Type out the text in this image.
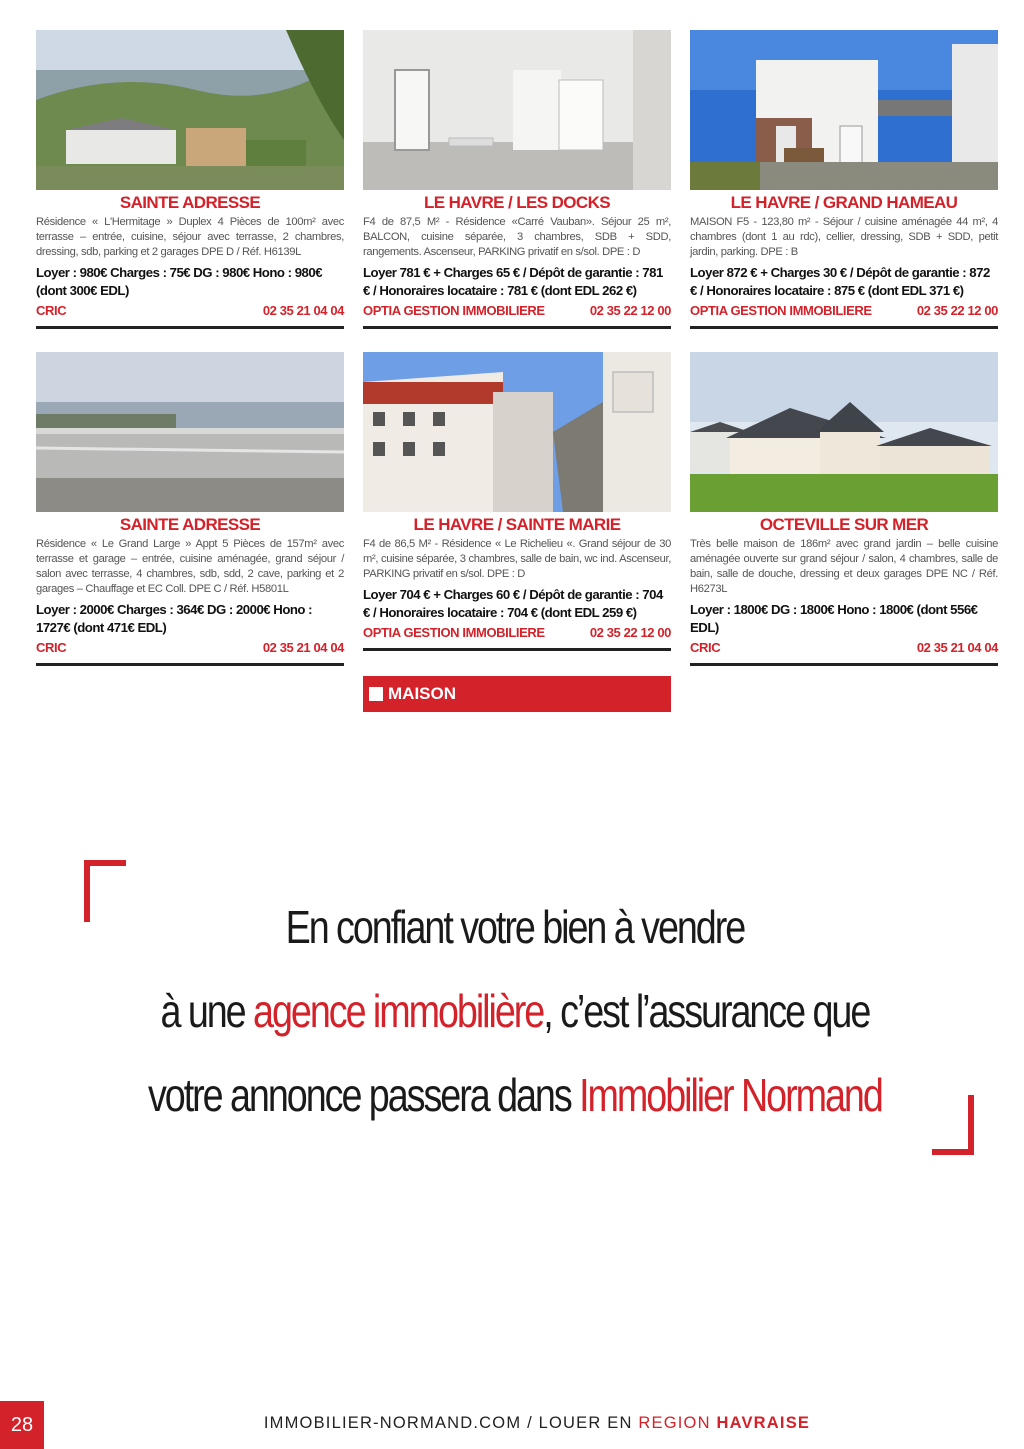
SAINTE ADRESSE
Résidence « L'Hermitage » Duplex 4 Pièces de 100m² avec terrasse – entrée, cuisine, séjour avec terrasse, 2 chambres, dressing, sdb, parking et 2 garages DPE D / Réf. H6139L
Loyer : 980€ Charges : 75€ DG : 980€ Hono : 980€ (dont 300€ EDL)
CRIC	02 35 21 04 04
LE HAVRE / LES DOCKS
F4 de 87,5 M² - Résidence «Carré Vauban». Séjour 25 m², BALCON, cuisine séparée, 3 chambres, SDB + SDD, rangements. Ascenseur, PARKING privatif en s/sol. DPE : D
Loyer 781 € + Charges 65 € / Dépôt de garantie : 781 € / Honoraires locataire : 781 € (dont EDL 262 €)
OPTIA GESTION IMMOBILIERE	02 35 22 12 00
LE HAVRE / GRAND HAMEAU
MAISON F5 - 123,80 m² - Séjour / cuisine aménagée 44 m², 4 chambres (dont 1 au rdc), cellier, dressing, SDB + SDD, petit jardin, parking. DPE : B
Loyer 872 € + Charges 30 € / Dépôt de garantie : 872 € / Honoraires locataire : 875 € (dont EDL 371 €)
OPTIA GESTION IMMOBILIERE	02 35 22 12 00
SAINTE ADRESSE
Résidence « Le Grand Large » Appt 5 Pièces de 157m² avec terrasse et garage – entrée, cuisine aménagée, grand séjour / salon avec terrasse, 4 chambres, sdb, sdd, 2 cave, parking et 2 garages – Chauffage et EC Coll. DPE C / Réf. H5801L
Loyer : 2000€ Charges : 364€ DG : 2000€ Hono : 1727€ (dont 471€ EDL)
CRIC	02 35 21 04 04
LE HAVRE / SAINTE MARIE
F4 de 86,5 M² - Résidence « Le Richelieu «. Grand séjour de 30 m², cuisine séparée, 3 chambres, salle de bain, wc ind. Ascenseur, PARKING privatif en s/sol. DPE : D
Loyer 704 € + Charges 60 € / Dépôt de garantie : 704 € / Honoraires locataire : 704 € (dont EDL 259 €)
OPTIA GESTION IMMOBILIERE	02 35 22 12 00
OCTEVILLE SUR MER
Très belle maison de 186m² avec grand jardin – belle cuisine aménagée ouverte sur grand séjour / salon, 4 chambres, salle de bain, salle de douche, dressing et deux garages DPE NC / Réf. H6273L
Loyer : 1800€ DG : 1800€ Hono : 1800€ (dont 556€ EDL)
CRIC	02 35 21 04 04
MAISON
En confiant votre bien à vendre
à une agence immobilière, c’est l’assurance que
votre annonce passera dans Immobilier Normand
28	IMMOBILIER-NORMAND.COM / LOUER EN REGION HAVRAISE
